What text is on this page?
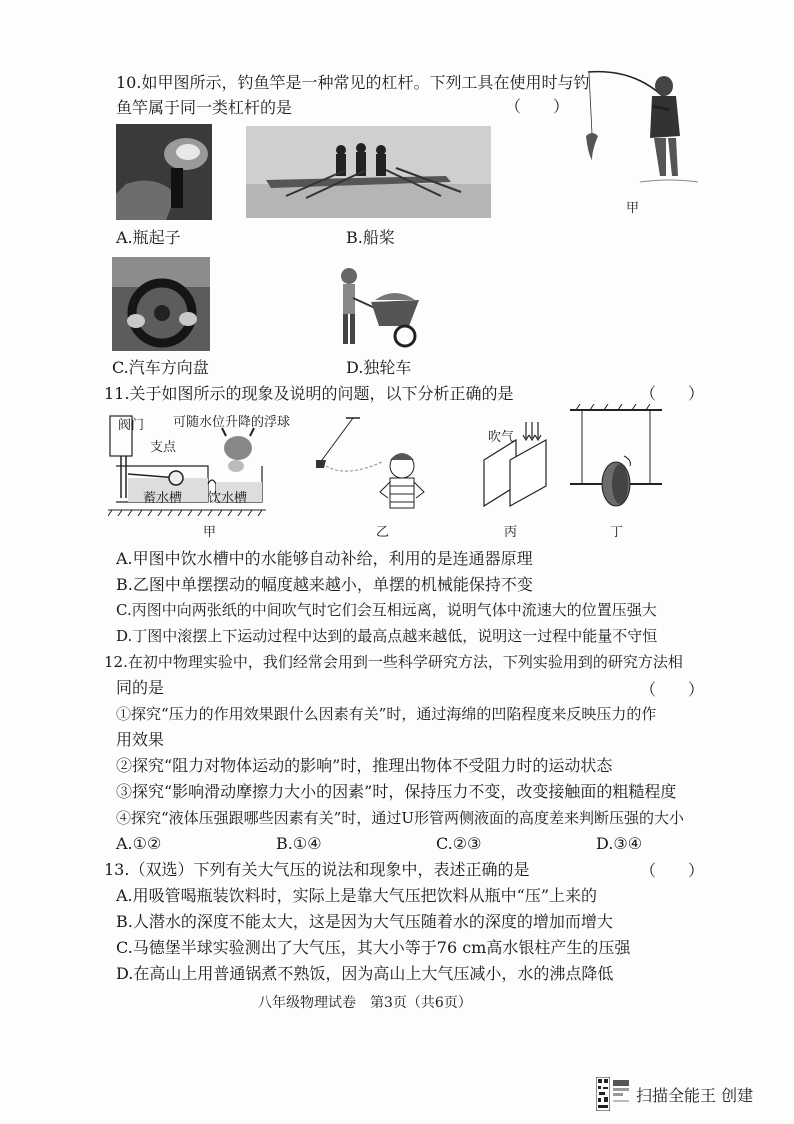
10.如甲图所示，钓鱼竿是一种常见的杠杆。下列工具在使用时与钓
鱼竿属于同一类杠杆的是	（　　）
甲
A.瓶起子	B.船桨
C.汽车方向盘	D.独轮车
11.关于如图所示的现象及说明的问题，以下分析正确的是	（　　）
阀门 可随水位升降的浮球
支点
蓄水槽 饮水槽
甲	乙
吹气
丙	丁
A.甲图中饮水槽中的水能够自动补给，利用的是连通器原理
B.乙图中单摆摆动的幅度越来越小，单摆的机械能保持不变
C.丙图中向两张纸的中间吹气时它们会互相远离，说明气体中流速大的位置压强大
D.丁图中滚摆上下运动过程中达到的最高点越来越低，说明这一过程中能量不守恒
12.在初中物理实验中，我们经常会用到一些科学研究方法，下列实验用到的研究方法相
同的是	（　　）
①探究“压力的作用效果跟什么因素有关”时，通过海绵的凹陷程度来反映压力的作
用效果
②探究“阻力对物体运动的影响”时，推理出物体不受阻力时的运动状态
③探究“影响滑动摩擦力大小的因素”时，保持压力不变，改变接触面的粗糙程度
④探究“液体压强跟哪些因素有关”时，通过U形管两侧液面的高度差来判断压强的大小
A.①②	B.①④	C.②③	D.③④
13.（双选）下列有关大气压的说法和现象中，表述正确的是	（　　）
A.用吸管喝瓶装饮料时，实际上是靠大气压把饮料从瓶中“压”上来的
B.人潜水的深度不能太大，这是因为大气压随着水的深度的增加而增大
C.马德堡半球实验测出了大气压，其大小等于76 cm高水银柱产生的压强
D.在高山上用普通锅煮不熟饭，因为高山上大气压减小，水的沸点降低
八年级物理试卷　第3页（共6页）
扫描全能王 创建
